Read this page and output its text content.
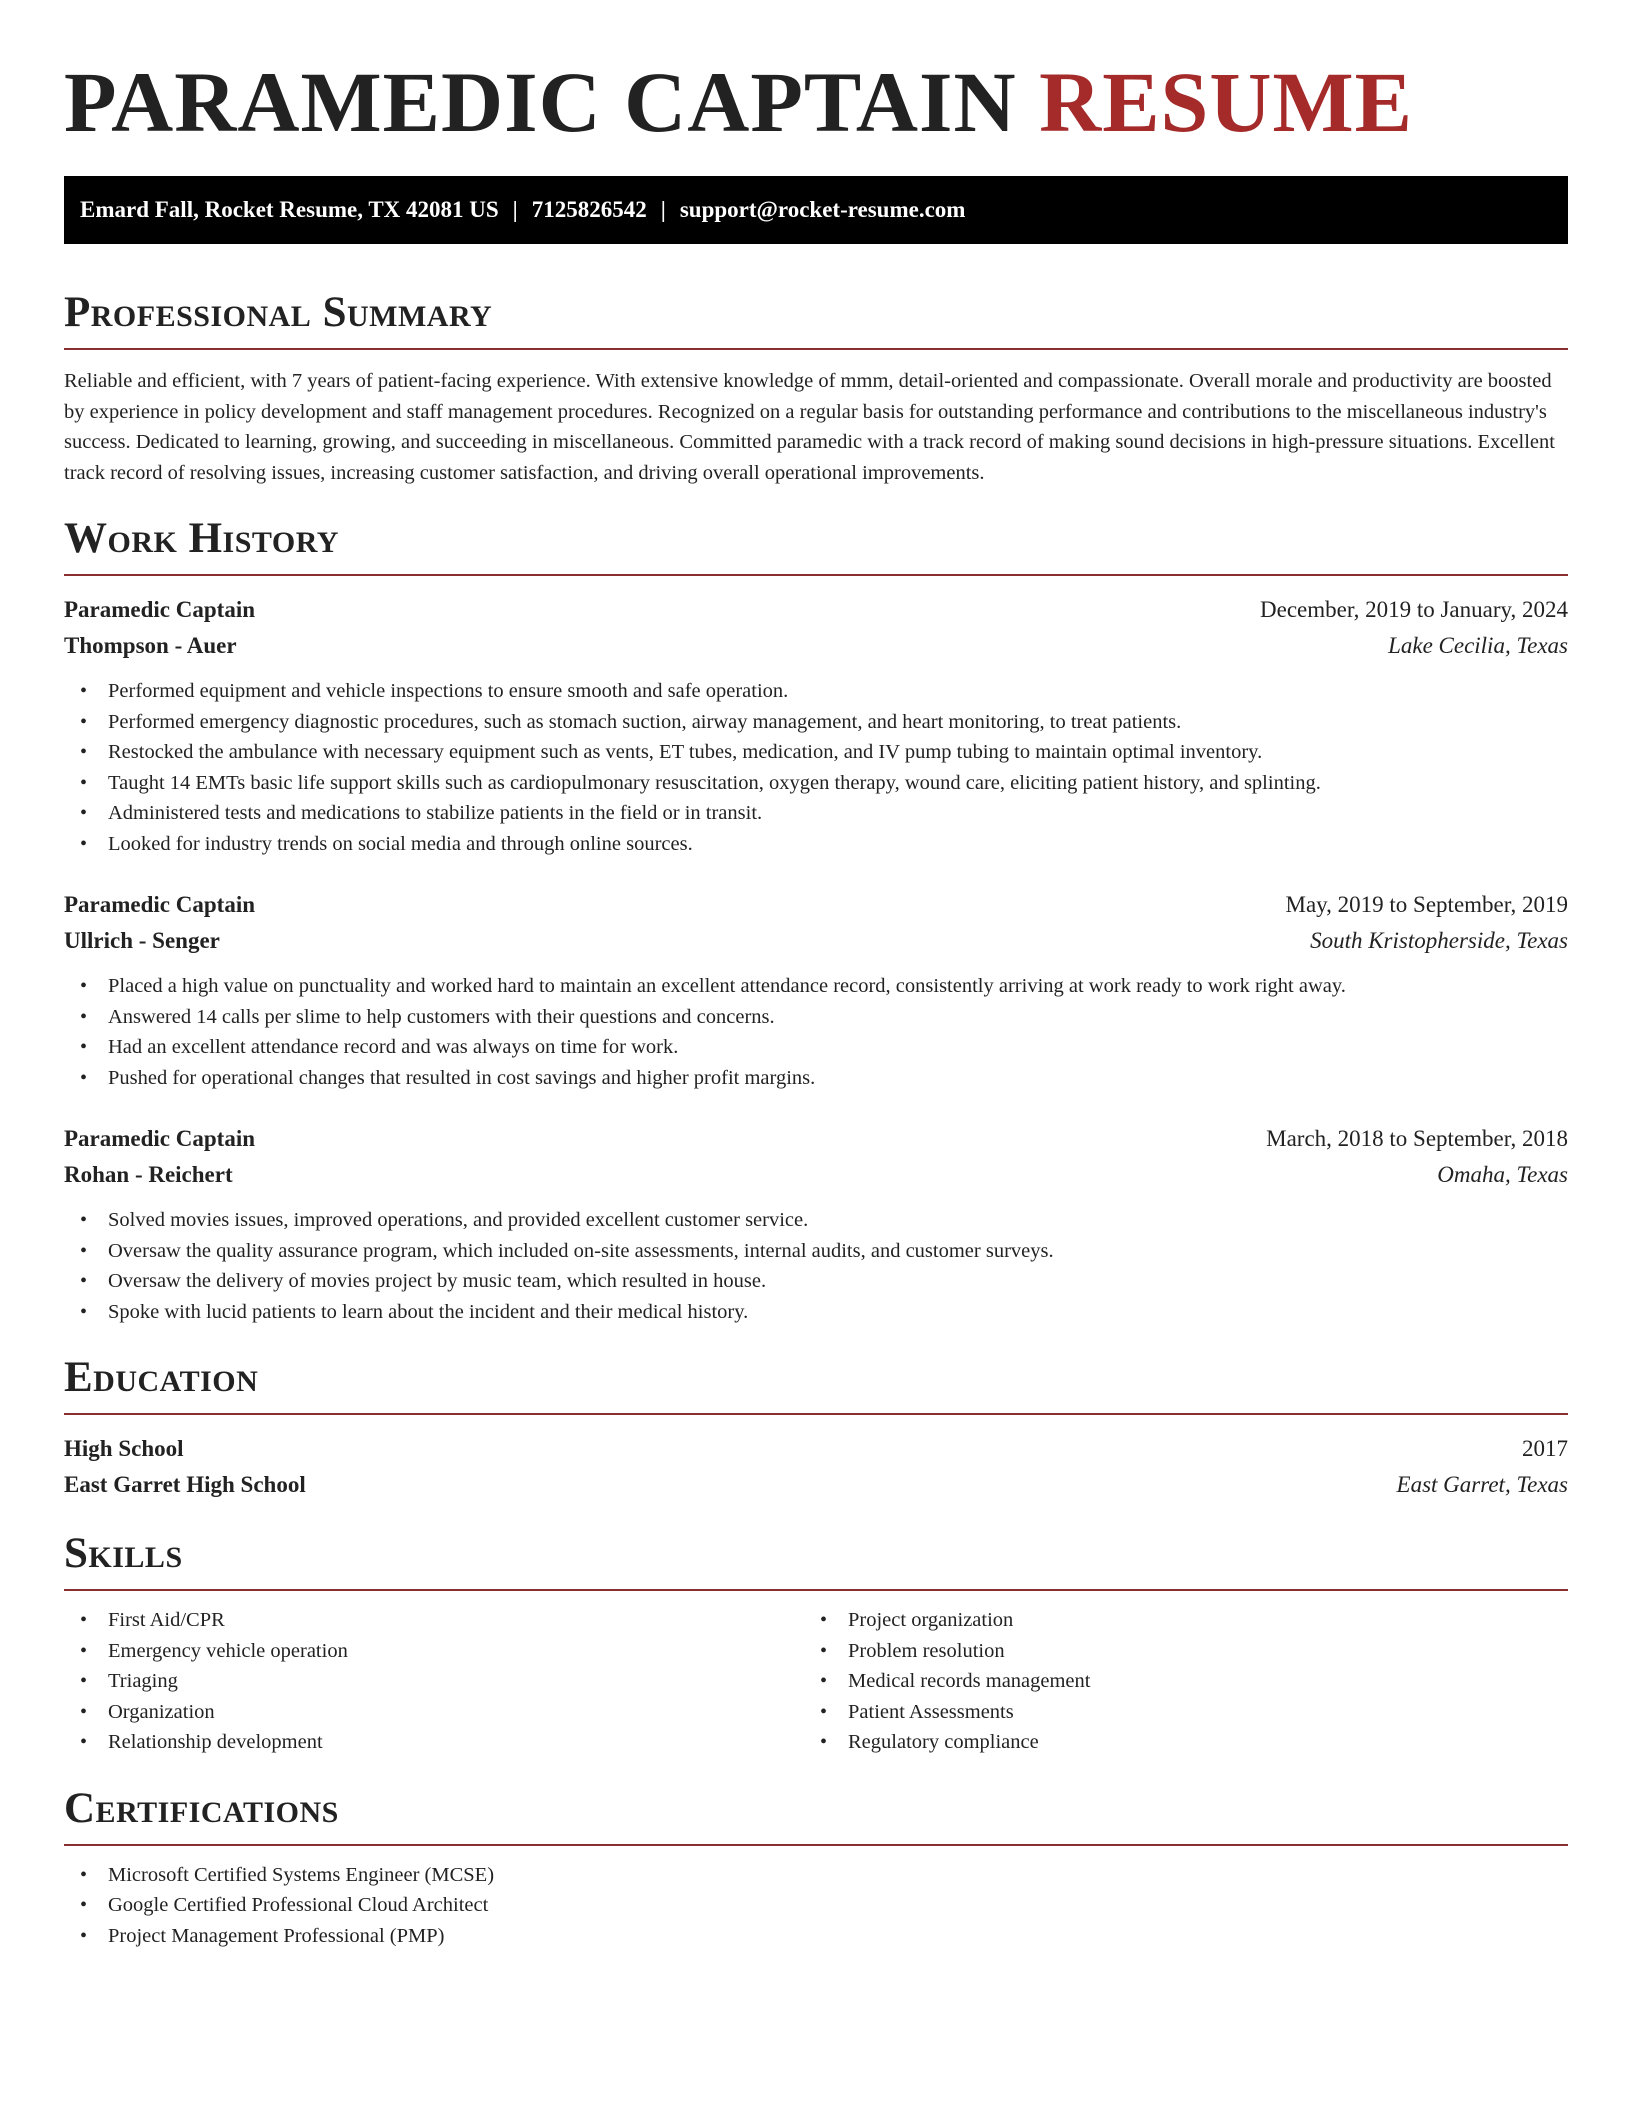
PARAMEDIC CAPTAIN RESUME
Emard Fall, Rocket Resume, TX 42081 US | 7125826542 | support@rocket-resume.com
Professional Summary

Reliable and efficient, with 7 years of patient-facing experience. With extensive knowledge of mmm, detail-oriented and compassionate. Overall morale and productivity are boosted by experience in policy development and staff management procedures. Recognized on a regular basis for outstanding performance and contributions to the miscellaneous industry's success. Dedicated to learning, growing, and succeeding in miscellaneous. Committed paramedic with a track record of making sound decisions in high-pressure situations. Excellent track record of resolving issues, increasing customer satisfaction, and driving overall operational improvements.

Work History
Paramedic Captain	December, 2019 to January, 2024
Thompson - Auer	Lake Cecilia, Texas
• Performed equipment and vehicle inspections to ensure smooth and safe operation.
• Performed emergency diagnostic procedures, such as stomach suction, airway management, and heart monitoring, to treat patients.
• Restocked the ambulance with necessary equipment such as vents, ET tubes, medication, and IV pump tubing to maintain optimal inventory.
• Taught 14 EMTs basic life support skills such as cardiopulmonary resuscitation, oxygen therapy, wound care, eliciting patient history, and splinting.
• Administered tests and medications to stabilize patients in the field or in transit.
• Looked for industry trends on social media and through online sources.
Paramedic Captain	May, 2019 to September, 2019
Ullrich - Senger	South Kristopherside, Texas
• Placed a high value on punctuality and worked hard to maintain an excellent attendance record, consistently arriving at work ready to work right away.
• Answered 14 calls per slime to help customers with their questions and concerns.
• Had an excellent attendance record and was always on time for work.
• Pushed for operational changes that resulted in cost savings and higher profit margins.
Paramedic Captain	March, 2018 to September, 2018
Rohan - Reichert	Omaha, Texas
• Solved movies issues, improved operations, and provided excellent customer service.
• Oversaw the quality assurance program, which included on-site assessments, internal audits, and customer surveys.
• Oversaw the delivery of movies project by music team, which resulted in house.
• Spoke with lucid patients to learn about the incident and their medical history.
Education
High School	2017
East Garret High School	East Garret, Texas
Skills
• First Aid/CPR
• Emergency vehicle operation
• Triaging
• Organization
• Relationship development
• Project organization
• Problem resolution
• Medical records management
• Patient Assessments
• Regulatory compliance
Certifications
• Microsoft Certified Systems Engineer (MCSE)
• Google Certified Professional Cloud Architect
• Project Management Professional (PMP)
